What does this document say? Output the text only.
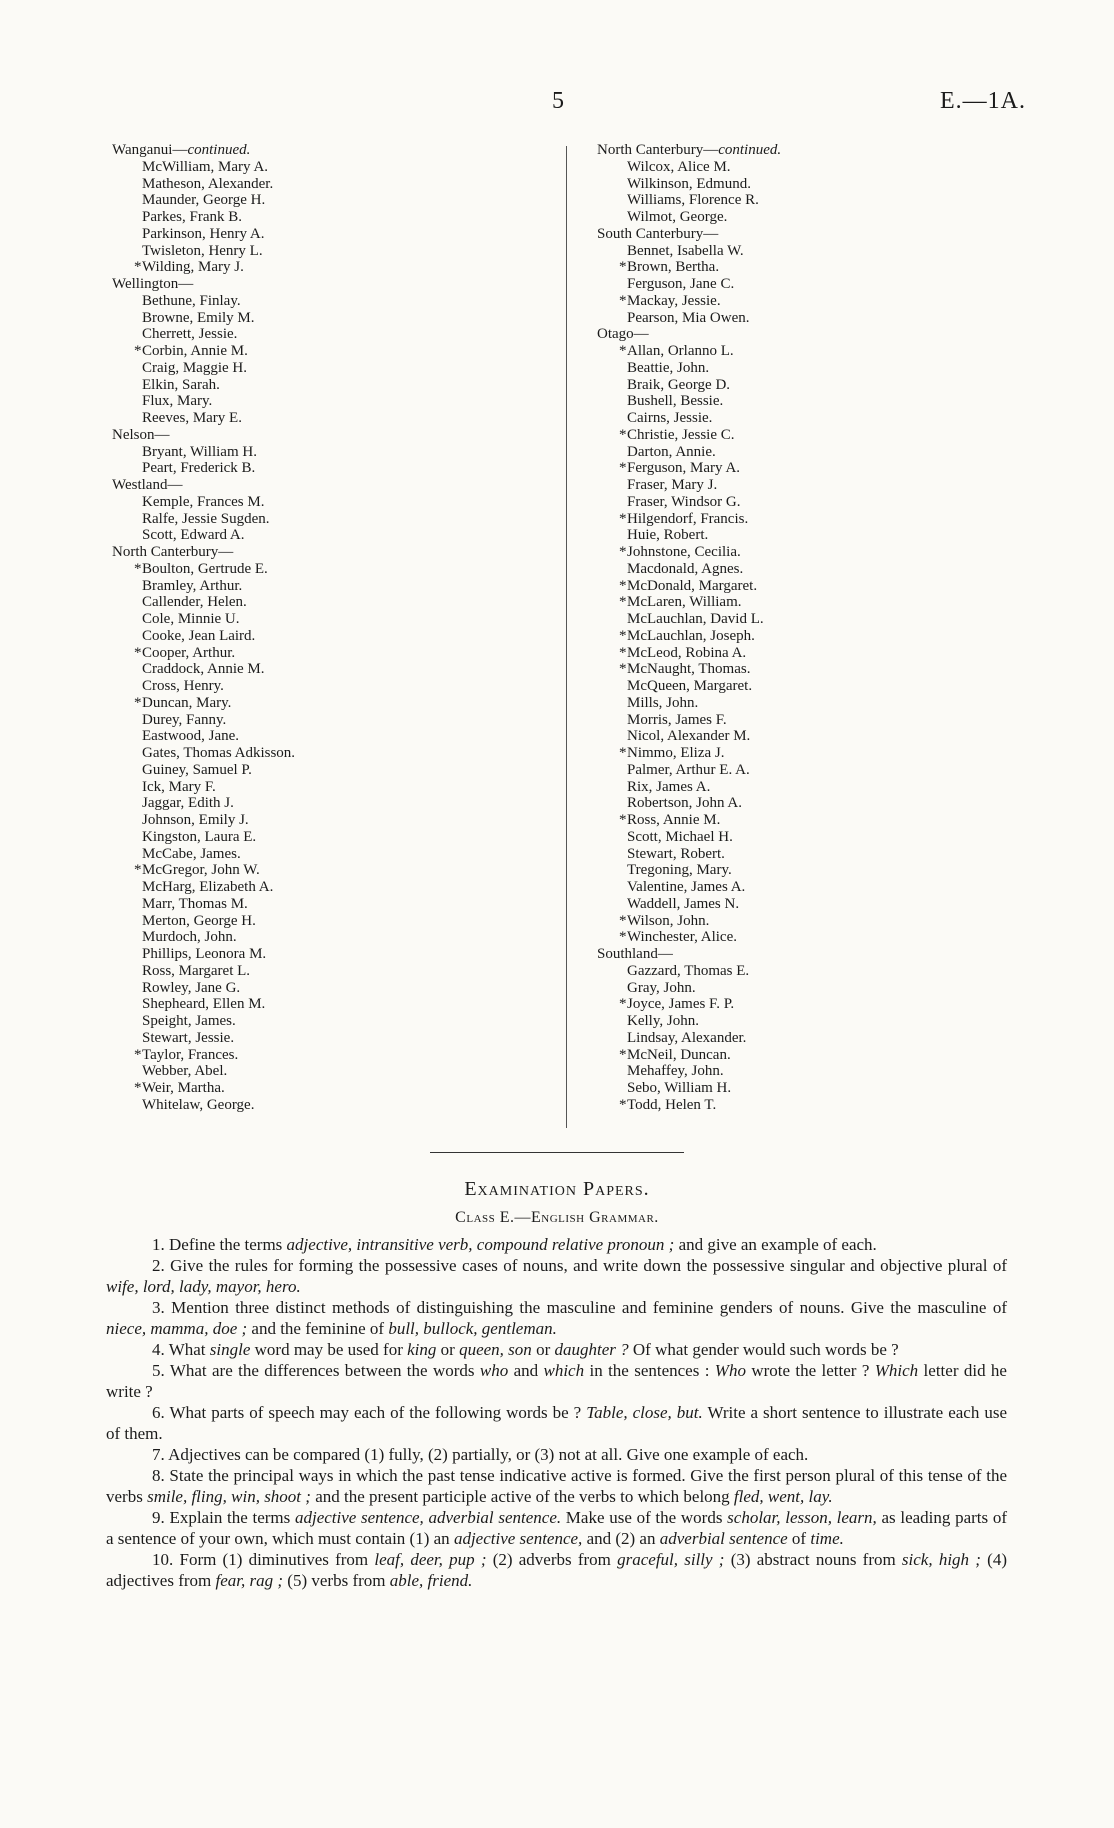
5	E.—1A.
Wanganui—continued.
McWilliam, Mary A.
Matheson, Alexander.
Maunder, George H.
Parkes, Frank B.
Parkinson, Henry A.
Twisleton, Henry L.
*Wilding, Mary J.
Wellington—
Bethune, Finlay.
Browne, Emily M.
Cherrett, Jessie.
*Corbin, Annie M.
Craig, Maggie H.
Elkin, Sarah.
Flux, Mary.
Reeves, Mary E.
Nelson—
Bryant, William H.
Peart, Frederick B.
Westland—
Kemple, Frances M.
Ralfe, Jessie Sugden.
Scott, Edward A.
North Canterbury—
*Boulton, Gertrude E.
Bramley, Arthur.
Callender, Helen.
Cole, Minnie U.
Cooke, Jean Laird.
*Cooper, Arthur.
Craddock, Annie M.
Cross, Henry.
*Duncan, Mary.
Durey, Fanny.
Eastwood, Jane.
Gates, Thomas Adkisson.
Guiney, Samuel P.
Ick, Mary F.
Jaggar, Edith J.
Johnson, Emily J.
Kingston, Laura E.
McCabe, James.
*McGregor, John W.
McHarg, Elizabeth A.
Marr, Thomas M.
Merton, George H.
Murdoch, John.
Phillips, Leonora M.
Ross, Margaret L.
Rowley, Jane G.
Shepheard, Ellen M.
Speight, James.
Stewart, Jessie.
*Taylor, Frances.
Webber, Abel.
*Weir, Martha.
Whitelaw, George.
North Canterbury—continued.
Wilcox, Alice M.
Wilkinson, Edmund.
Williams, Florence R.
Wilmot, George.
South Canterbury—
Bennet, Isabella W.
*Brown, Bertha.
Ferguson, Jane C.
*Mackay, Jessie.
Pearson, Mia Owen.
Otago—
*Allan, Orlanno L.
Beattie, John.
Braik, George D.
Bushell, Bessie.
Cairns, Jessie.
*Christie, Jessie C.
Darton, Annie.
*Ferguson, Mary A.
Fraser, Mary J.
Fraser, Windsor G.
*Hilgendorf, Francis.
Huie, Robert.
*Johnstone, Cecilia.
Macdonald, Agnes.
*McDonald, Margaret.
*McLaren, William.
McLauchlan, David L.
*McLauchlan, Joseph.
*McLeod, Robina A.
*McNaught, Thomas.
McQueen, Margaret.
Mills, John.
Morris, James F.
Nicol, Alexander M.
*Nimmo, Eliza J.
Palmer, Arthur E. A.
Rix, James A.
Robertson, John A.
*Ross, Annie M.
Scott, Michael H.
Stewart, Robert.
Tregoning, Mary.
Valentine, James A.
Waddell, James N.
*Wilson, John.
*Winchester, Alice.
Southland—
Gazzard, Thomas E.
Gray, John.
*Joyce, James F. P.
Kelly, John.
Lindsay, Alexander.
*McNeil, Duncan.
Mehaffey, John.
Sebo, William H.
*Todd, Helen T.
Examination Papers.
Class E.—English Grammar.

1. Define the terms adjective, intransitive verb, compound relative pronoun ; and give an example of each.

2. Give the rules for forming the possessive cases of nouns, and write down the possessive singular and objective plural of wife, lord, lady, mayor, hero.

3. Mention three distinct methods of distinguishing the masculine and feminine genders of nouns. Give the masculine of niece, mamma, doe ; and the feminine of bull, bullock, gentleman.

4. What single word may be used for king or queen, son or daughter ? Of what gender would such words be ?

5. What are the differences between the words who and which in the sentences : Who wrote the letter ? Which letter did he write ?

6. What parts of speech may each of the following words be ? Table, close, but. Write a short sentence to illustrate each use of them.

7. Adjectives can be compared (1) fully, (2) partially, or (3) not at all. Give one example of each.

8. State the principal ways in which the past tense indicative active is formed. Give the first person plural of this tense of the verbs smile, fling, win, shoot ; and the present participle active of the verbs to which belong fled, went, lay.

9. Explain the terms adjective sentence, adverbial sentence. Make use of the words scholar, lesson, learn, as leading parts of a sentence of your own, which must contain (1) an adjective sentence, and (2) an adverbial sentence of time.

10. Form (1) diminutives from leaf, deer, pup ; (2) adverbs from graceful, silly ; (3) abstract nouns from sick, high ; (4) adjectives from fear, rag ; (5) verbs from able, friend.
